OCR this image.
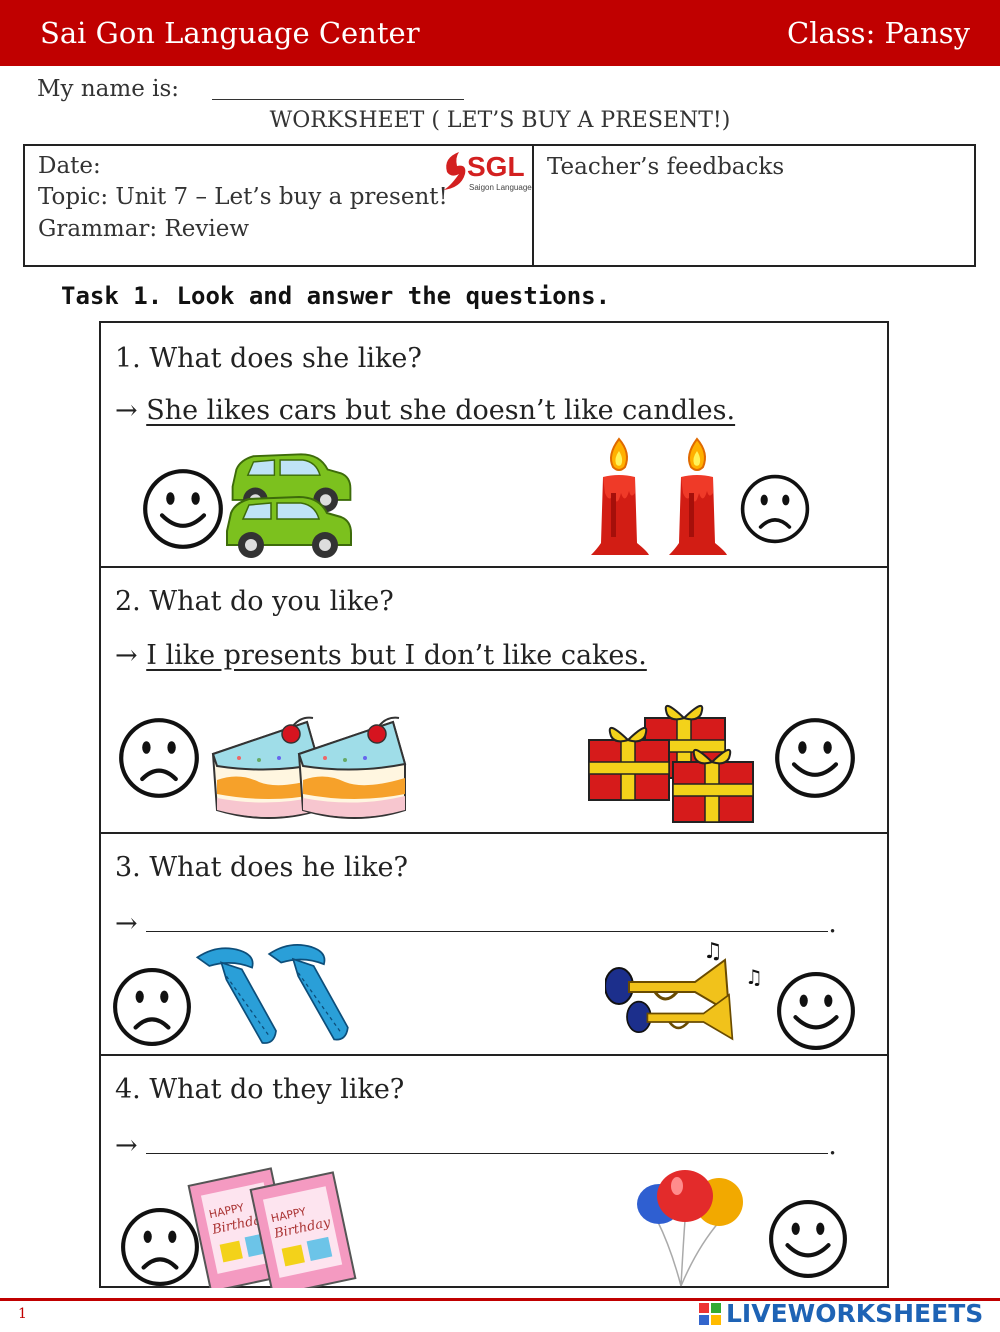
Sai Gon Language Center	Class: Pansy
My name is:
WORKSHEET ( LET’S BUY A PRESENT!)
Date:
Topic: Unit 7 – Let’s buy a present!
Grammar: Review
SGL
Saigon Language
Teacher’s feedbacks
Task 1. Look and answer the questions.
1. What does she like?
→ She likes cars but she doesn’t like candles.
2. What do you like?
→ I like presents but I don’t like cakes.
3. What does he like?
→	.
♫
♫
4. What do they like?
→	.
1	LIVEWORKSHEETS
